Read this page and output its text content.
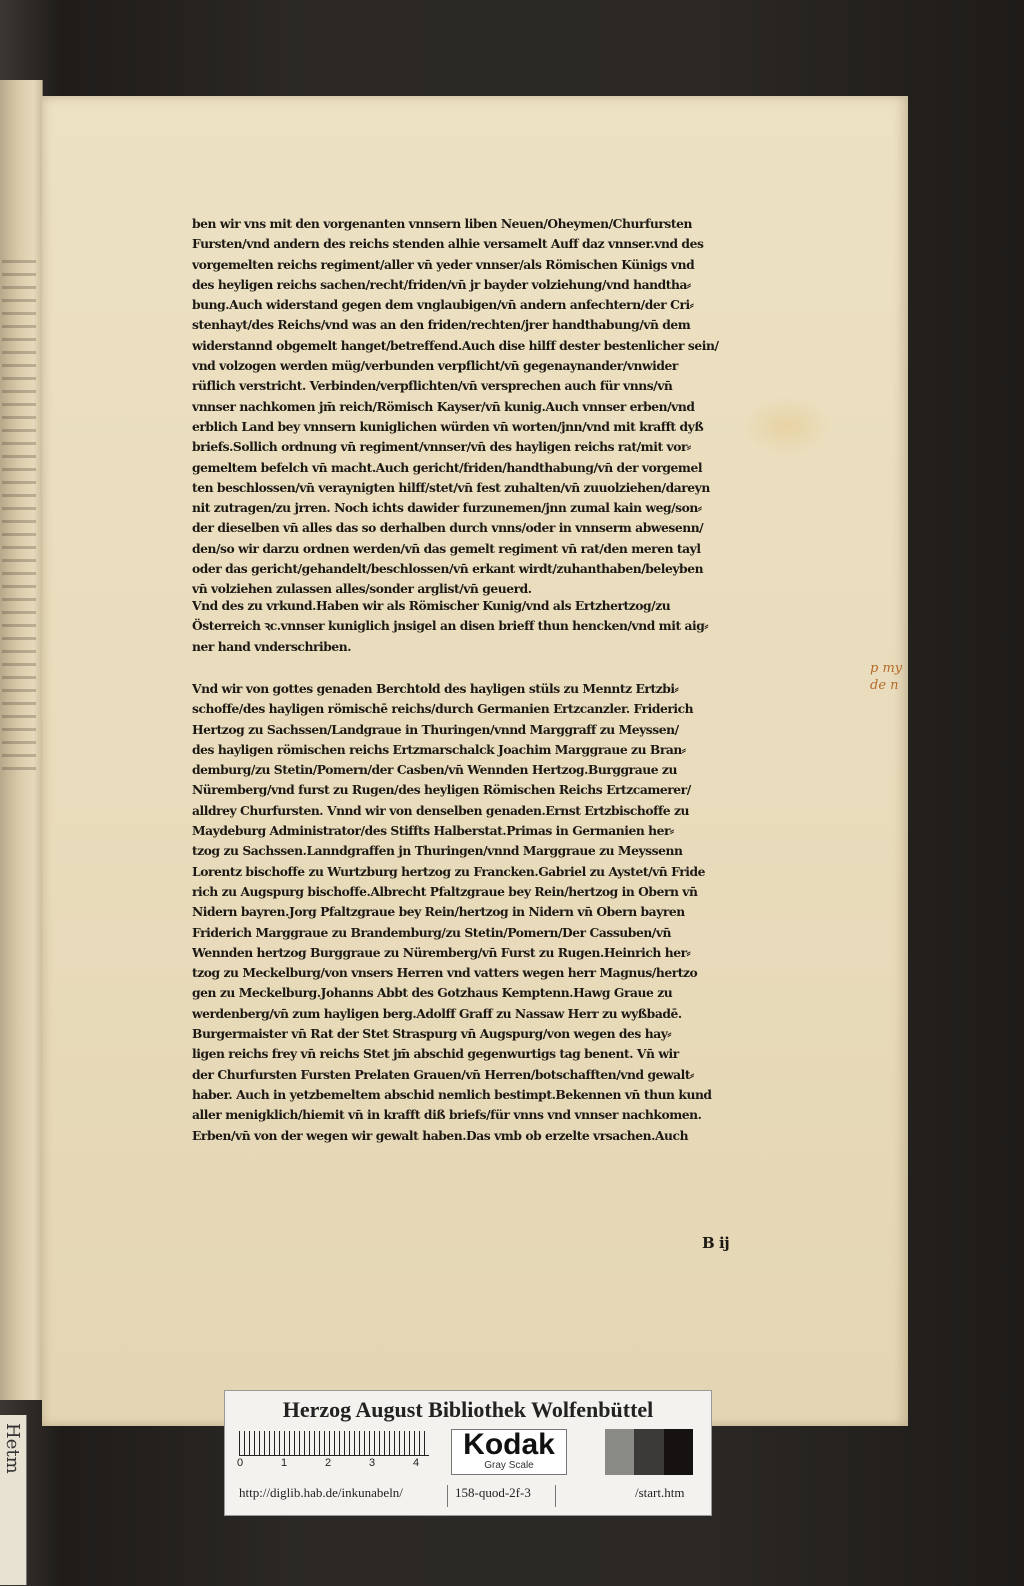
Hetm
ben wir vns mit den vorgenanten vnnsern liben Neuen/Oheymen/Churfursten
Fursten/vnd andern des reichs stenden alhie versamelt Auff daz vnnser.vnd des
vorgemelten reichs regiment/aller vn̄ yeder vnnser/als Römischen Künigs vnd
des heyligen reichs sachen/recht/friden/vn̄ jr bayder volziehung/vnd handtha⸗
bung.Auch widerstand gegen dem vnglaubigen/vn̄ andern anfechtern/der Cri⸗
stenhayt/des Reichs/vnd was an den friden/rechten/jrer handthabung/vn̄ dem
widerstannd obgemelt hanget/betreffend.Auch dise hilff dester bestenlicher sein/
vnd volzogen werden müg/verbunden verpflicht/vn̄ gegenaynander/vnwider
rüflich verstricht. Verbinden/verpflichten/vn̄ versprechen auch für vnns/vn̄
vnnser nachkomen jm̄ reich/Römisch Kayser/vn̄ kunig.Auch vnnser erben/vnd
erblich Land bey vnnsern kuniglichen würden vn̄ worten/jnn/vnd mit krafft dyß
briefs.Sollich ordnung vn̄ regiment/vnnser/vn̄ des hayligen reichs rat/mit vor⸗
gemeltem befelch vn̄ macht.Auch gericht/friden/handthabung/vn̄ der vorgemel
ten beschlossen/vn̄ veraynigten hilff/stet/vn̄ fest zuhalten/vn̄ zuuolziehen/dareyn
nit zutragen/zu jrren. Noch ichts dawider furzunemen/jnn zumal kain weg/son⸗
der dieselben vn̄ alles das so derhalben durch vnns/oder in vnnserm abwesenn/
den/so wir darzu ordnen werden/vn̄ das gemelt regiment vn̄ rat/den meren tayl
oder das gericht/gehandelt/beschlossen/vn̄ erkant wirdt/zuhanthaben/beleyben
vn̄ volziehen zulassen alles/sonder arglist/vn̄ geuerd.
Vnd des zu vrkund.Haben wir als Römischer Kunig/vnd als Ertzhertzog/zu
Österreich ꝛc.vnnser kuniglich jnsigel an disen brieff thun hencken/vnd mit aig⸗
ner hand vnderschriben.
Vnd wir von gottes genaden Berchtold des hayligen stüls zu Menntz Ertzbi⸗
schoffe/des hayligen römischē reichs/durch Germanien Ertzcanzler. Friderich
Hertzog zu Sachssen/Landgraue in Thuringen/vnnd Marggraff zu Meyssen/
des hayligen römischen reichs Ertzmarschalck Joachim Marggraue zu Bran⸗
demburg/zu Stetin/Pomern/der Casben/vn̄ Wennden Hertzog.Burggraue zu
Nüremberg/vnd furst zu Rugen/des heyligen Römischen Reichs Ertzcamerer/
alldrey Churfursten. Vnnd wir von denselben genaden.Ernst Ertzbischoffe zu
Maydeburg Administrator/des Stiffts Halberstat.Primas in Germanien her⸗
tzog zu Sachssen.Lanndgraffen jn Thuringen/vnnd Marggraue zu Meyssenn
Lorentz bischoffe zu Wurtzburg hertzog zu Francken.Gabriel zu Aystet/vn̄ Fride
rich zu Augspurg bischoffe.Albrecht Pfaltzgraue bey Rein/hertzog in Obern vn̄
Nidern bayren.Jorg Pfaltzgraue bey Rein/hertzog in Nidern vn̄ Obern bayren
Friderich Marggraue zu Brandemburg/zu Stetin/Pomern/Der Cassuben/vn̄
Wennden hertzog Burggraue zu Nüremberg/vn̄ Furst zu Rugen.Heinrich her⸗
tzog zu Meckelburg/von vnsers Herren vnd vatters wegen herr Magnus/hertzo
gen zu Meckelburg.Johanns Abbt des Gotzhaus Kemptenn.Hawg Graue zu
werdenberg/vn̄ zum hayligen berg.Adolff Graff zu Nassaw Herr zu wyßbadē.
Burgermaister vn̄ Rat der Stet Straspurg vn̄ Augspurg/von wegen des hay⸗
ligen reichs frey vn̄ reichs Stet jm̄ abschid gegenwurtigs tag benent. Vn̄ wir
der Churfursten Fursten Prelaten Grauen/vn̄ Herren/botschafften/vnd gewalt⸗
haber. Auch in yetzbemeltem abschid nemlich bestimpt.Bekennen vn̄ thun kund
aller menigklich/hiemit vn̄ in krafft diß briefs/für vnns vnd vnnser nachkomen.
Erben/vn̄ von der wegen wir gewalt haben.Das vmb ob erzelte vrsachen.Auch
B ij
p my
de n
Herzog August Bibliothek Wolfenbüttel
0	1	2	3	4
Kodak
Gray Scale
http://diglib.hab.de/inkunabeln/	158-quod-2f-3	/start.htm
